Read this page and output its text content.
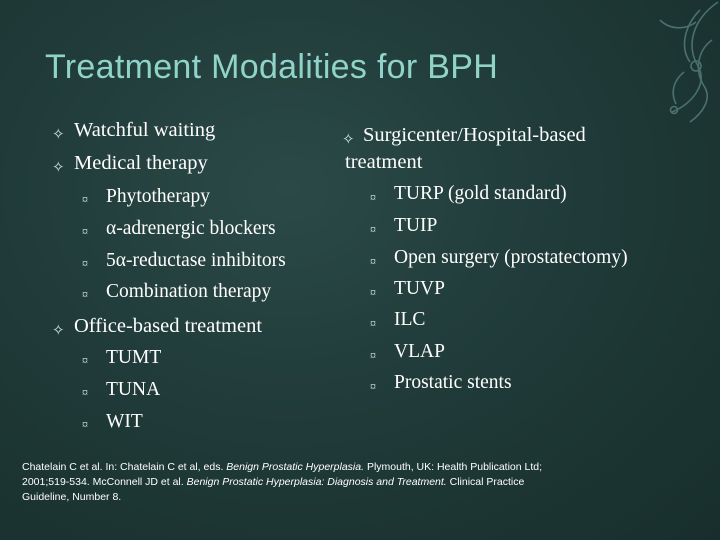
Treatment Modalities for BPH
✧ Watchful waiting
✧ Medical therapy
¤ Phytotherapy
¤ α-adrenergic blockers
¤ 5α-reductase inhibitors
¤ Combination therapy
✧ Office-based treatment
¤ TUMT
¤ TUNA
¤ WIT
✧ Surgicenter/Hospital-based
treatment
¤ TURP (gold standard)
¤ TUIP
¤ Open surgery (prostatectomy)
¤ TUVP
¤ ILC
¤ VLAP
¤ Prostatic stents
Chatelain C et al. In: Chatelain C et al, eds. Benign Prostatic Hyperplasia. Plymouth, UK: Health Publication Ltd; 2001;519-534. McConnell JD et al. Benign Prostatic Hyperplasia: Diagnosis and Treatment. Clinical Practice Guideline, Number 8.
